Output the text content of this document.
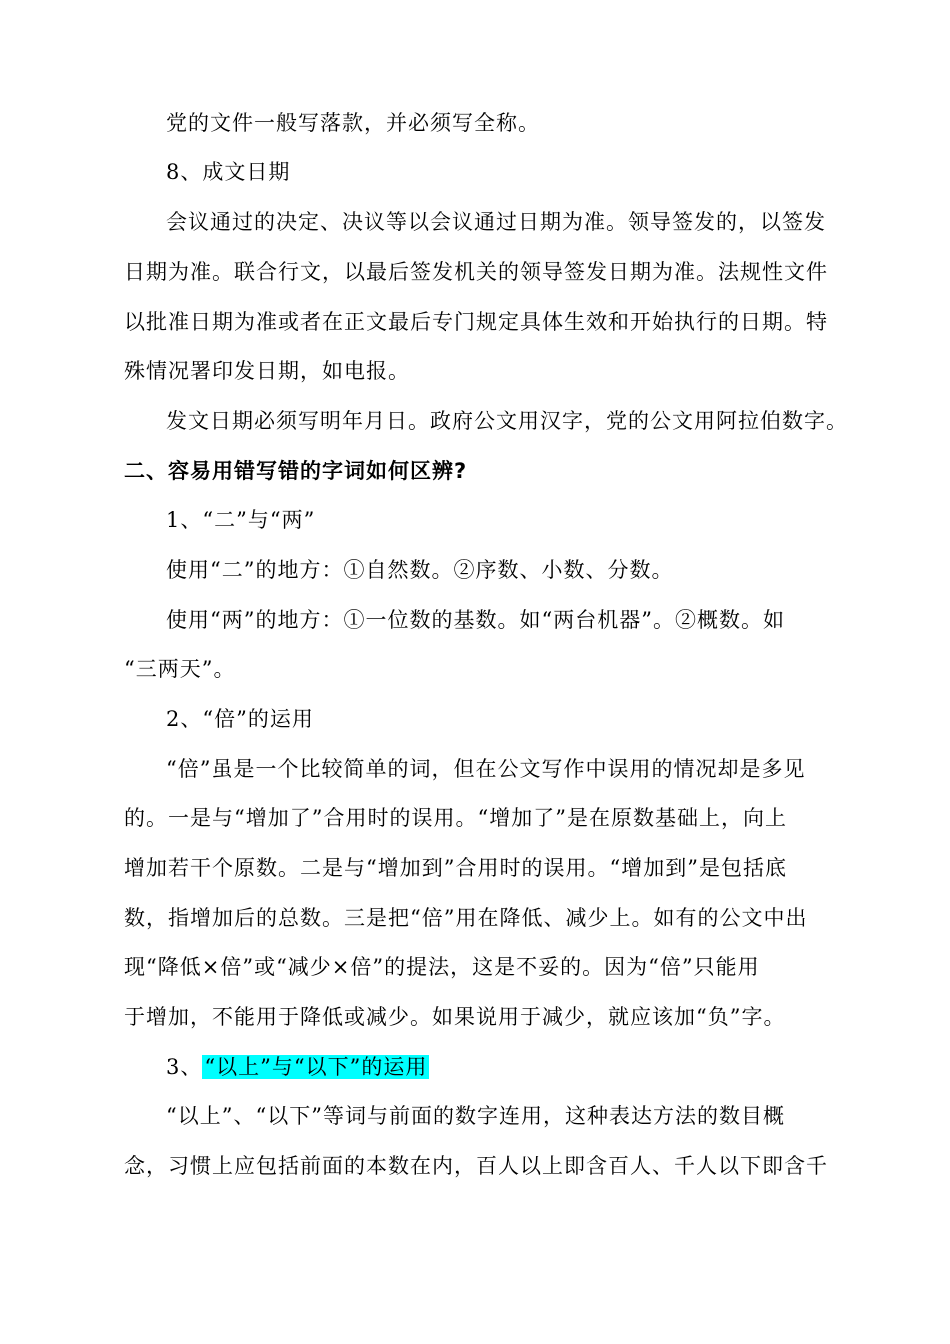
党的文件一般写落款，并必须写全称。
8、成文日期
会议通过的决定、决议等以会议通过日期为准。领导签发的，以签发
日期为准。联合行文，以最后签发机关的领导签发日期为准。法规性文件
以批准日期为准或者在正文最后专门规定具体生效和开始执行的日期。特
殊情况署印发日期，如电报。
发文日期必须写明年月日。政府公文用汉字，党的公文用阿拉伯数字。
二、容易用错写错的字词如何区辨?
1、“二”与“两”
使用“二”的地方：①自然数。②序数、小数、分数。
使用“两”的地方：①一位数的基数。如“两台机器”。②概数。如
“三两天”。
2、“倍”的运用
“倍”虽是一个比较简单的词，但在公文写作中误用的情况却是多见
的。一是与“增加了”合用时的误用。“增加了”是在原数基础上，向上
增加若干个原数。二是与“增加到”合用时的误用。“增加到”是包括底
数，指增加后的总数。三是把“倍”用在降低、减少上。如有的公文中出
现“降低×倍”或“减少×倍”的提法，这是不妥的。因为“倍”只能用
于增加，不能用于降低或减少。如果说用于减少，就应该加“负”字。
3、“以上”与“以下”的运用
“以上”、“以下”等词与前面的数字连用，这种表达方法的数目概
念，习惯上应包括前面的本数在内，百人以上即含百人、千人以下即含千
